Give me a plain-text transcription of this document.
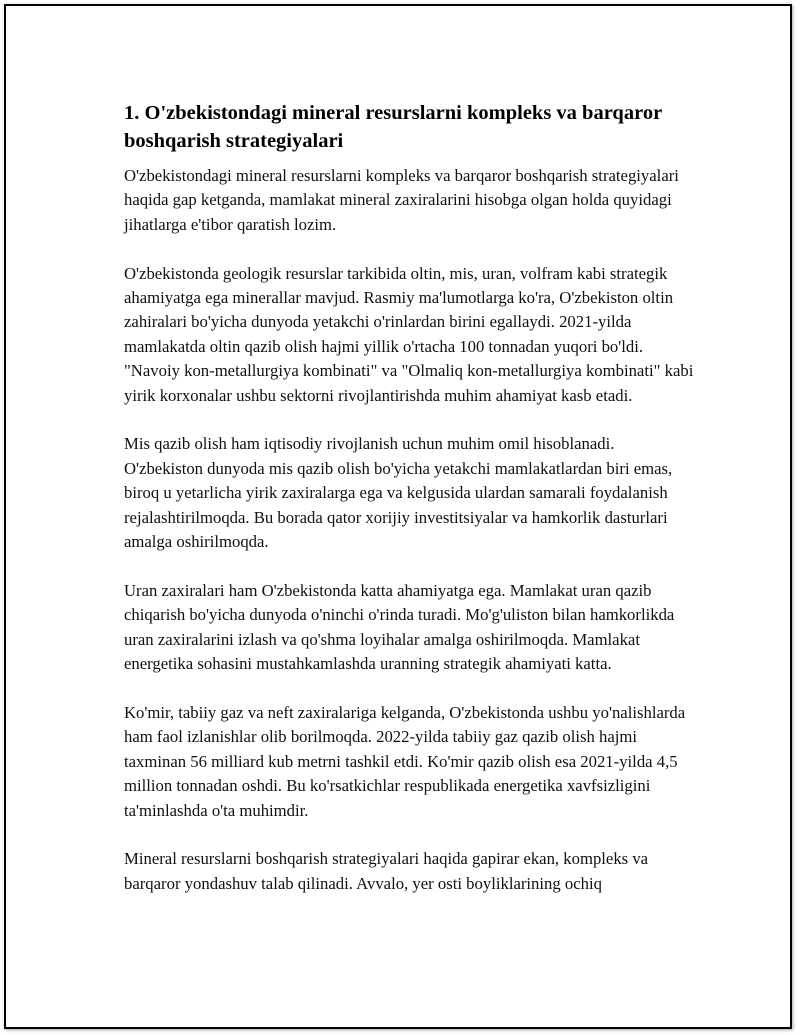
1. O'zbekistondagi mineral resurslarni kompleks va barqaror boshqarish strategiyalari

O'zbekistondagi mineral resurslarni kompleks va barqaror boshqarish strategiyalari haqida gap ketganda, mamlakat mineral zaxiralarini hisobga olgan holda quyidagi jihatlarga e'tibor qaratish lozim.

O'zbekistonda geologik resurslar tarkibida oltin, mis, uran, volfram kabi strategik ahamiyatga ega minerallar mavjud. Rasmiy ma'lumotlarga ko'ra, O'zbekiston oltin zahiralari bo'yicha dunyoda yetakchi o'rinlardan birini egallaydi. 2021-yilda mamlakatda oltin qazib olish hajmi yillik o'rtacha 100 tonnadan yuqori bo'ldi. "Navoiy kon-metallurgiya kombinati" va "Olmaliq kon-metallurgiya kombinati" kabi yirik korxonalar ushbu sektorni rivojlantirishda muhim ahamiyat kasb etadi.

Mis qazib olish ham iqtisodiy rivojlanish uchun muhim omil hisoblanadi. O'zbekiston dunyoda mis qazib olish bo'yicha yetakchi mamlakatlardan biri emas, biroq u yetarlicha yirik zaxiralarga ega va kelgusida ulardan samarali foydalanish rejalashtirilmoqda. Bu borada qator xorijiy investitsiyalar va hamkorlik dasturlari amalga oshirilmoqda.

Uran zaxiralari ham O'zbekistonda katta ahamiyatga ega. Mamlakat uran qazib chiqarish bo'yicha dunyoda o'ninchi o'rinda turadi. Mo'g'uliston bilan hamkorlikda uran zaxiralarini izlash va qo'shma loyihalar amalga oshirilmoqda. Mamlakat energetika sohasini mustahkamlashda uranning strategik ahamiyati katta.

Ko'mir, tabiiy gaz va neft zaxiralariga kelganda, O'zbekistonda ushbu yo'nalishlarda ham faol izlanishlar olib borilmoqda. 2022-yilda tabiiy gaz qazib olish hajmi taxminan 56 milliard kub metrni tashkil etdi. Ko'mir qazib olish esa 2021-yilda 4,5 million tonnadan oshdi. Bu ko'rsatkichlar respublikada energetika xavfsizligini ta'minlashda o'ta muhimdir.

Mineral resurslarni boshqarish strategiyalari haqida gapirar ekan, kompleks va barqaror yondashuv talab qilinadi. Avvalo, yer osti boyliklarining ochiq
